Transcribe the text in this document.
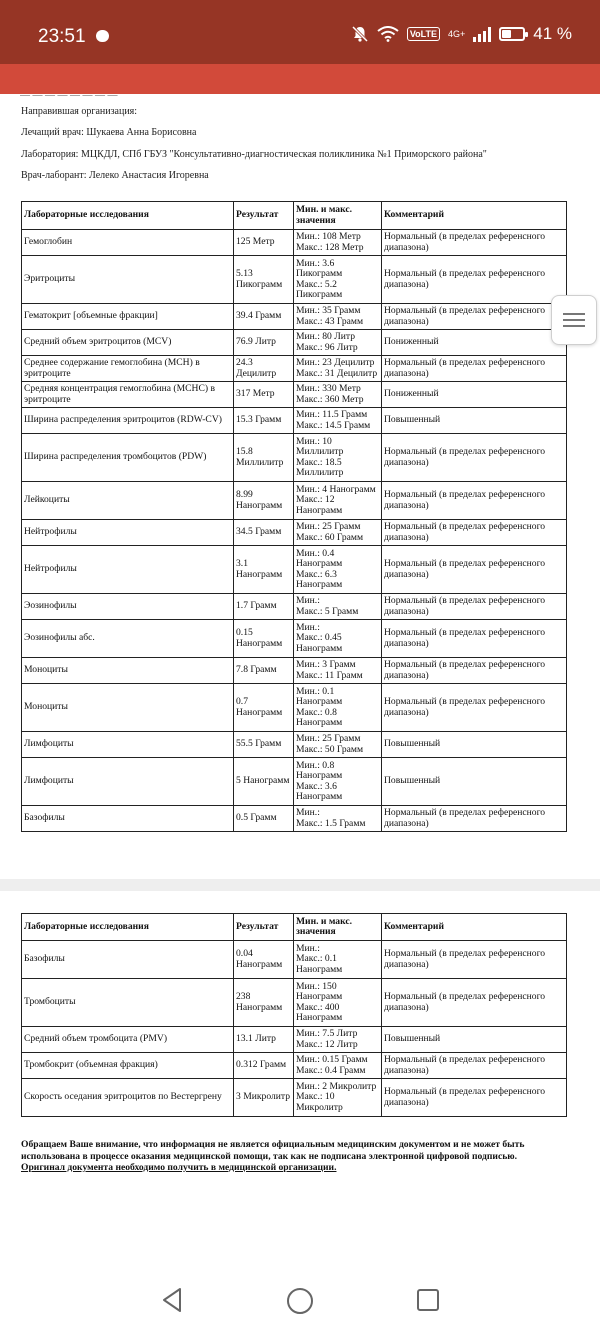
23:51	VoLTE	4G+	41 %
— — — — — — — —
Направившая организация:
Лечащий врач: Шукаева Анна Борисовна
Лаборатория: МЦКДЛ, СПб ГБУЗ "Консультативно-диагностическая поликлиника №1 Приморского района"
Врач-лаборант: Лелеко Анастасия Игоревна
Лабораторные исследования	Результат	Мин. и макс. значения	Комментарий
Гемоглобин	125 Метр	Мин.: 108 Метр
Макс.: 128 Метр	Нормальный (в пределах референсного диапазона)
Эритроциты	5.13 Пикограмм	Мин.: 3.6 Пикограмм
Макс.: 5.2 Пикограмм	Нормальный (в пределах референсного диапазона)
Гематокрит [объемные фракции]	39.4 Грамм	Мин.: 35 Грамм
Макс.: 43 Грамм	Нормальный (в пределах референсного диапазона)
Средний объем эритроцитов (MCV)	76.9 Литр	Мин.: 80 Литр
Макс.: 96 Литр	Пониженный
Среднее содержание гемоглобина (MCH) в эритроците	24.3 Децилитр	Мин.: 23 Децилитр
Макс.: 31 Децилитр	Нормальный (в пределах референсного диапазона)
Средняя концентрация гемоглобина (MCHC) в эритроците	317 Метр	Мин.: 330 Метр
Макс.: 360 Метр	Пониженный
Ширина распределения эритроцитов (RDW-CV)	15.3 Грамм	Мин.: 11.5 Грамм
Макс.: 14.5 Грамм	Повышенный
Ширина распределения тромбоцитов (PDW)	15.8 Миллилитр	Мин.: 10 Миллилитр
Макс.: 18.5 Миллилитр	Нормальный (в пределах референсного диапазона)
Лейкоциты	8.99 Нанограмм	Мин.: 4 Нанограмм
Макс.: 12 Нанограмм	Нормальный (в пределах референсного диапазона)
Нейтрофилы	34.5 Грамм	Мин.: 25 Грамм
Макс.: 60 Грамм	Нормальный (в пределах референсного диапазона)
Нейтрофилы	3.1 Нанограмм	Мин.: 0.4 Нанограмм
Макс.: 6.3 Нанограмм	Нормальный (в пределах референсного диапазона)
Эозинофилы	1.7 Грамм	Мин.:
Макс.: 5 Грамм	Нормальный (в пределах референсного диапазона)
Эозинофилы абс.	0.15 Нанограмм	Мин.:
Макс.: 0.45 Нанограмм	Нормальный (в пределах референсного диапазона)
Моноциты	7.8 Грамм	Мин.: 3 Грамм
Макс.: 11 Грамм	Нормальный (в пределах референсного диапазона)
Моноциты	0.7 Нанограмм	Мин.: 0.1 Нанограмм
Макс.: 0.8 Нанограмм	Нормальный (в пределах референсного диапазона)
Лимфоциты	55.5 Грамм	Мин.: 25 Грамм
Макс.: 50 Грамм	Повышенный
Лимфоциты	5 Нанограмм	Мин.: 0.8 Нанограмм
Макс.: 3.6 Нанограмм	Повышенный
Базофилы	0.5 Грамм	Мин.:
Макс.: 1.5 Грамм	Нормальный (в пределах референсного диапазона)
Лабораторные исследования	Результат	Мин. и макс. значения	Комментарий
Базофилы	0.04 Нанограмм	Мин.:
Макс.: 0.1 Нанограмм	Нормальный (в пределах референсного диапазона)
Тромбоциты	238 Нанограмм	Мин.: 150 Нанограмм
Макс.: 400 Нанограмм	Нормальный (в пределах референсного диапазона)
Средний объем тромбоцита (PMV)	13.1 Литр	Мин.: 7.5 Литр
Макс.: 12 Литр	Повышенный
Тромбокрит (объемная фракция)	0.312 Грамм	Мин.: 0.15 Грамм
Макс.: 0.4 Грамм	Нормальный (в пределах референсного диапазона)
Скорость оседания эритроцитов по Вестергрену	3 Микролитр	Мин.: 2 Микролитр
Макс.: 10 Микролитр	Нормальный (в пределах референсного диапазона)
Обращаем Ваше внимание, что информация не является официальным медицинским документом и не может быть использована в процессе оказания медицинской помощи, так как не подписана электронной цифровой подписью. Оригинал документа необходимо получить в медицинской организации.
